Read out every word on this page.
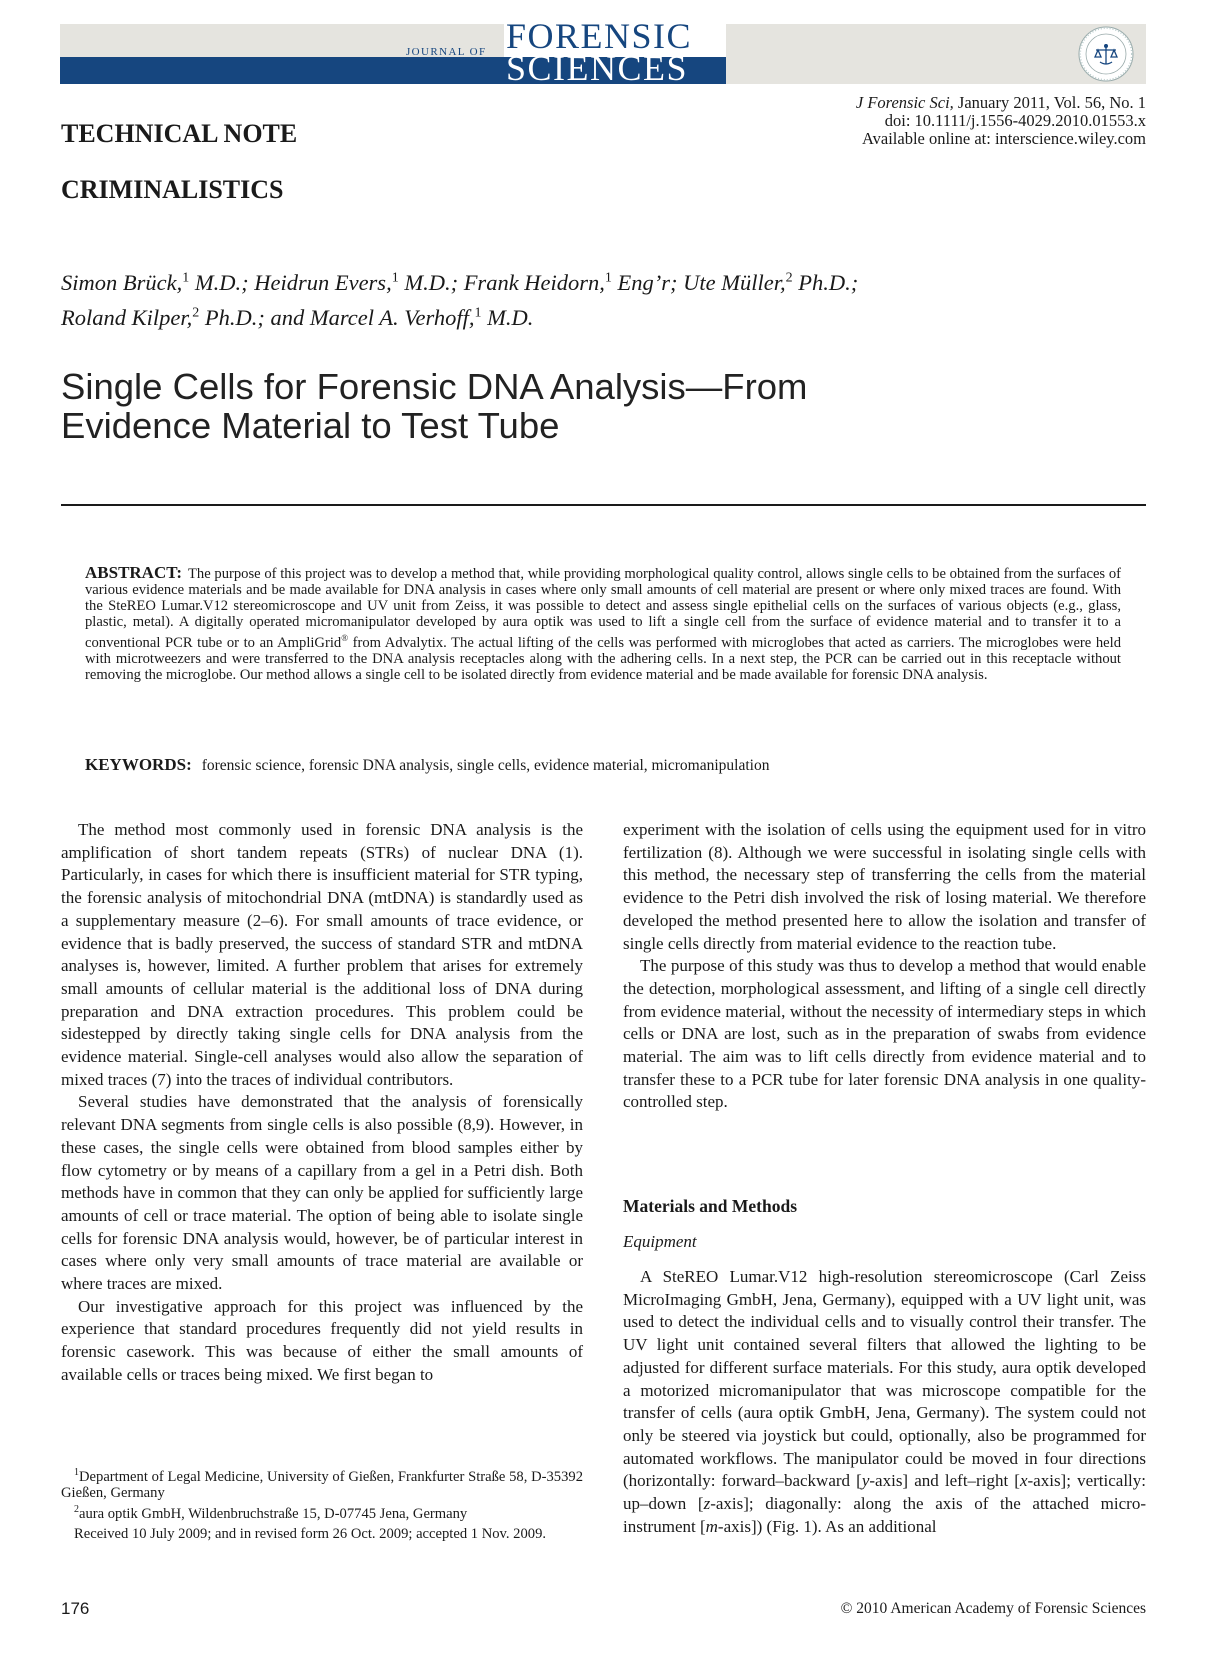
JOURNAL OF FORENSIC
SCIENCES
J Forensic Sci, January 2011, Vol. 56, No. 1
doi: 10.1111/j.1556-4029.2010.01553.x
Available online at: interscience.wiley.com
TECHNICAL NOTE
CRIMINALISTICS
Simon Brück,$^1$ M.D.; Heidrun Evers,$^1$ M.D.; Frank Heidorn,$^1$ Eng’r; Ute Müller,$^2$ Ph.D.;
Roland Kilper,$^2$ Ph.D.; and Marcel A. Verhoff,$^1$ M.D.
Single Cells for Forensic DNA Analysis—From
Evidence Material to Test Tube
ABSTRACT: The purpose of this project was to develop a method that, while providing morphological quality control, allows single cells to be obtained from the surfaces of various evidence materials and be made available for DNA analysis in cases where only small amounts of cell material are present or where only mixed traces are found. With the SteREO Lumar.V12 stereomicroscope and UV unit from Zeiss, it was possible to detect and assess single epithelial cells on the surfaces of various objects (e.g., glass, plastic, metal). A digitally operated micromanipulator developed by aura optik was used to lift a single cell from the surface of evidence material and to transfer it to a conventional PCR tube or to an AmpliGrid® from Advalytix. The actual lifting of the cells was performed with microglobes that acted as carriers. The microglobes were held with microtweezers and were transferred to the DNA analysis receptacles along with the adhering cells. In a next step, the PCR can be carried out in this receptacle without removing the microglobe. Our method allows a single cell to be isolated directly from evidence material and be made available for forensic DNA analysis.
KEYWORDS: forensic science, forensic DNA analysis, single cells, evidence material, micromanipulation

The method most commonly used in forensic DNA analysis is the amplification of short tandem repeats (STRs) of nuclear DNA (1). Particularly, in cases for which there is insufficient material for STR typing, the forensic analysis of mitochondrial DNA (mtDNA) is standardly used as a supplementary measure (2–6). For small amounts of trace evidence, or evidence that is badly preserved, the success of standard STR and mtDNA analyses is, however, limited. A further problem that arises for extremely small amounts of cellular material is the additional loss of DNA during preparation and DNA extraction procedures. This problem could be sidestepped by directly taking single cells for DNA analysis from the evidence material. Single-cell analyses would also allow the separation of mixed traces (7) into the traces of individual contributors.

Several studies have demonstrated that the analysis of forensically relevant DNA segments from single cells is also possible (8,9). However, in these cases, the single cells were obtained from blood samples either by flow cytometry or by means of a capillary from a gel in a Petri dish. Both methods have in common that they can only be applied for sufficiently large amounts of cell or trace material. The option of being able to isolate single cells for forensic DNA analysis would, however, be of particular interest in cases where only very small amounts of trace material are available or where traces are mixed.

Our investigative approach for this project was influenced by the experience that standard procedures frequently did not yield results in forensic casework. This was because of either the small amounts of available cells or traces being mixed. We first began to

experiment with the isolation of cells using the equipment used for in vitro fertilization (8). Although we were successful in isolating single cells with this method, the necessary step of transferring the cells from the material evidence to the Petri dish involved the risk of losing material. We therefore developed the method presented here to allow the isolation and transfer of single cells directly from material evidence to the reaction tube.

The purpose of this study was thus to develop a method that would enable the detection, morphological assessment, and lifting of a single cell directly from evidence material, without the necessity of intermediary steps in which cells or DNA are lost, such as in the preparation of swabs from evidence material. The aim was to lift cells directly from evidence material and to transfer these to a PCR tube for later forensic DNA analysis in one quality-controlled step.

Materials and Methods
Equipment

A SteREO Lumar.V12 high-resolution stereomicroscope (Carl Zeiss MicroImaging GmbH, Jena, Germany), equipped with a UV light unit, was used to detect the individual cells and to visually control their transfer. The UV light unit contained several filters that allowed the lighting to be adjusted for different surface materials. For this study, aura optik developed a motorized micromanipulator that was microscope compatible for the transfer of cells (aura optik GmbH, Jena, Germany). The system could not only be steered via joystick but could, optionally, also be programmed for automated workflows. The manipulator could be moved in four directions (horizontally: forward–backward [y-axis] and left–right [x-axis]; vertically: up–down [z-axis]; diagonally: along the axis of the attached micro-instrument [m-axis]) (Fig. 1). As an additional

$^1$Department of Legal Medicine, University of Gießen, Frankfurter Straße 58, D-35392 Gießen, Germany

$^2$aura optik GmbH, Wildenbruchstraße 15, D-07745 Jena, Germany

Received 10 July 2009; and in revised form 26 Oct. 2009; accepted 1 Nov. 2009.

176	© 2010 American Academy of Forensic Sciences
